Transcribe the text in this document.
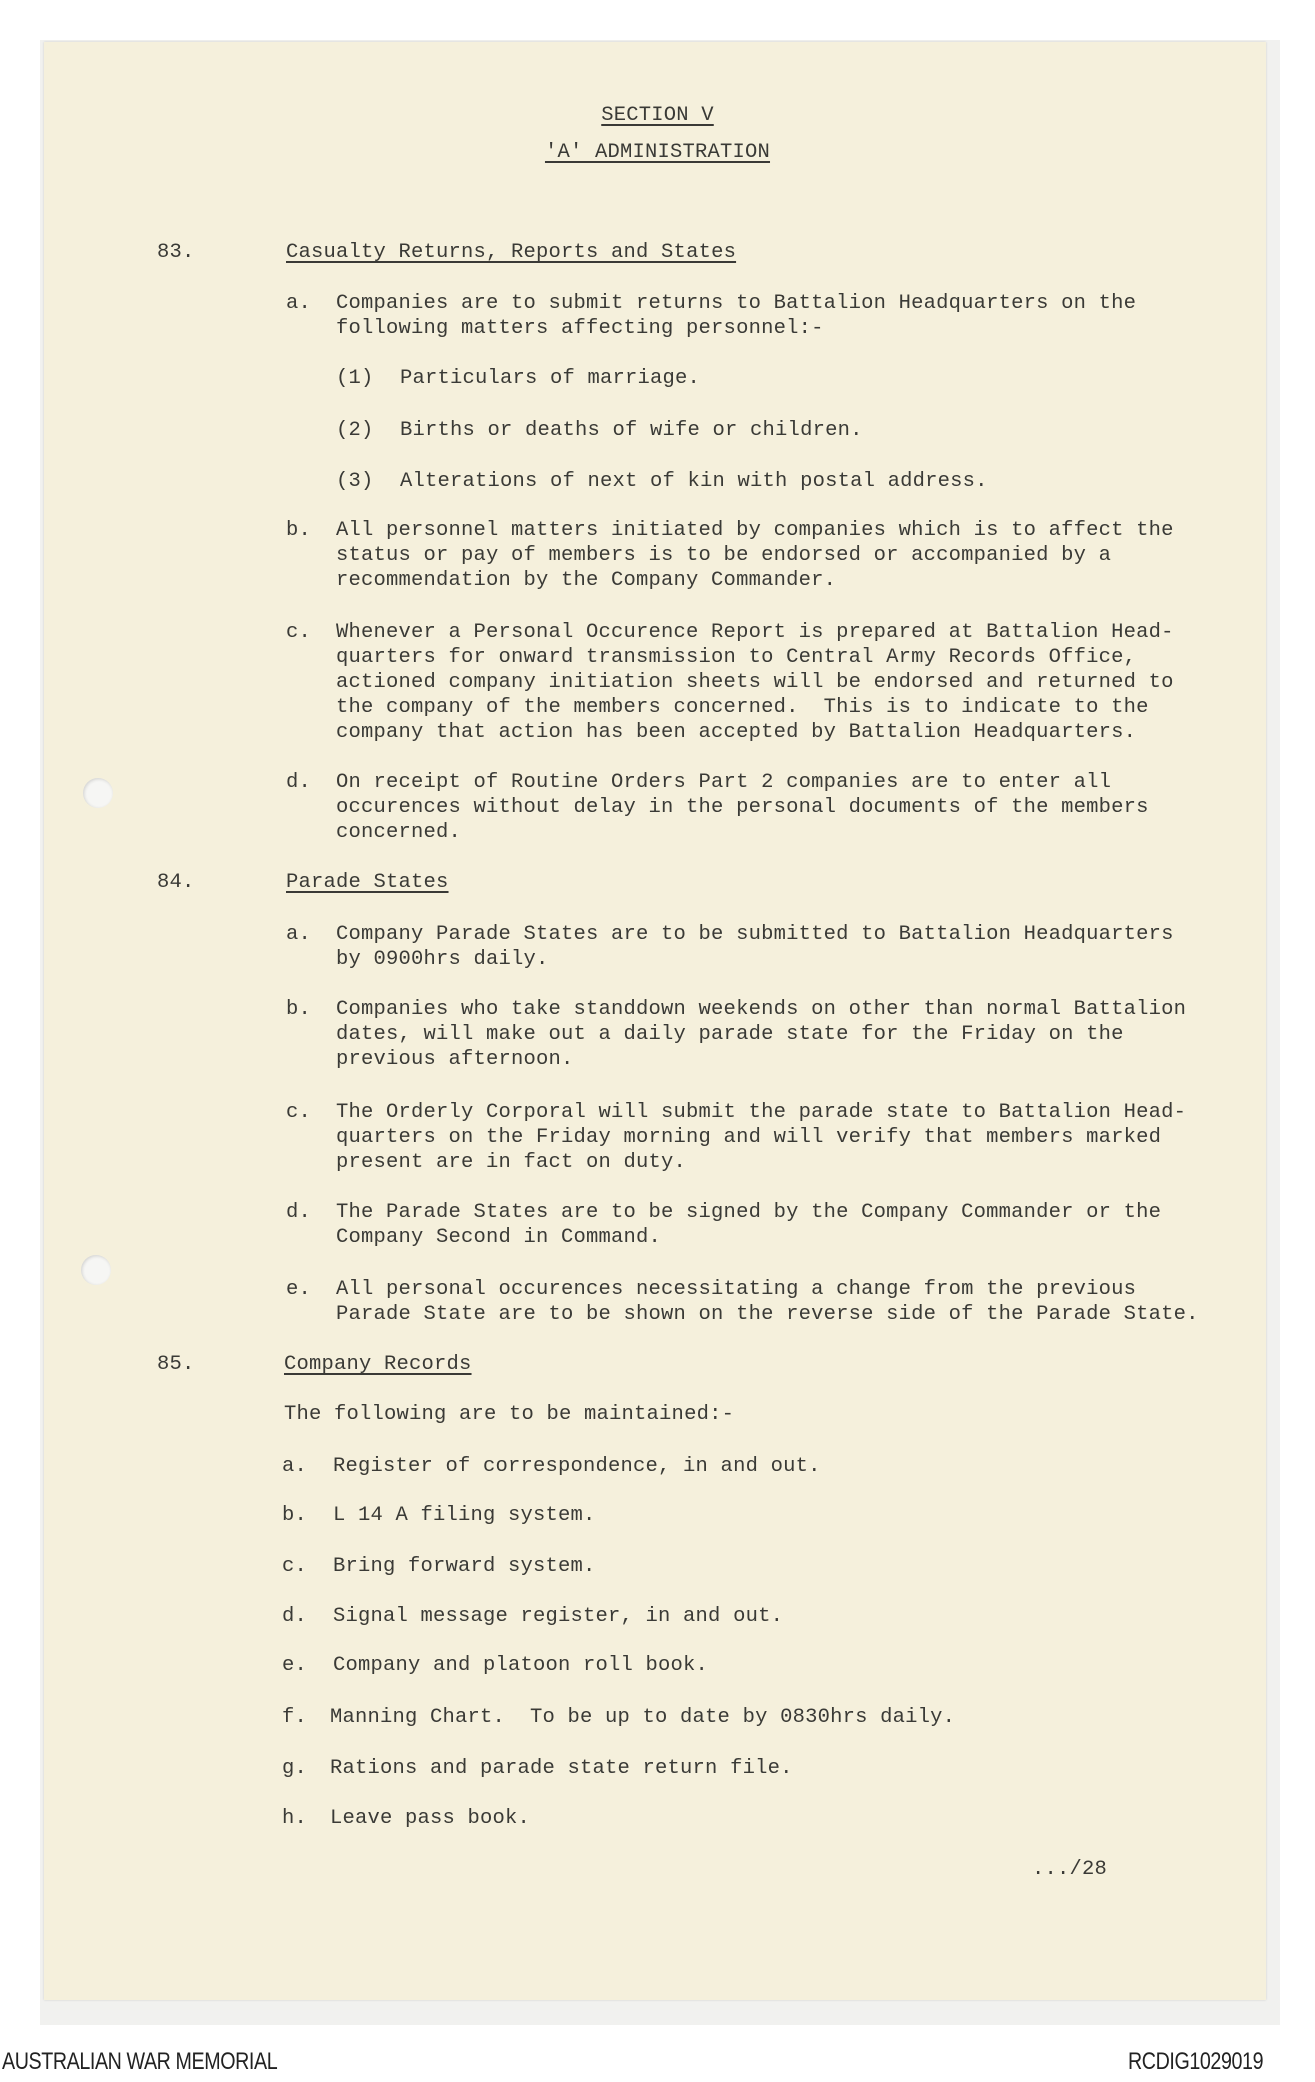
SECTION V
'A' ADMINISTRATION
83.	Casualty Returns, Reports and States
a. Companies are to submit returns to Battalion Headquarters on the
following matters affecting personnel:-
(1) Particulars of marriage.
(2) Births or deaths of wife or children.
(3) Alterations of next of kin with postal address.
b. All personnel matters initiated by companies which is to affect the
status or pay of members is to be endorsed or accompanied by a
recommendation by the Company Commander.
c. Whenever a Personal Occurence Report is prepared at Battalion Head-
quarters for onward transmission to Central Army Records Office,
actioned company initiation sheets will be endorsed and returned to
the company of the members concerned.  This is to indicate to the
company that action has been accepted by Battalion Headquarters.
d. On receipt of Routine Orders Part 2 companies are to enter all
occurences without delay in the personal documents of the members
concerned.
84.	Parade States
a. Company Parade States are to be submitted to Battalion Headquarters
by 0900hrs daily.
b. Companies who take standdown weekends on other than normal Battalion
dates, will make out a daily parade state for the Friday on the
previous afternoon.
c. The Orderly Corporal will submit the parade state to Battalion Head-
quarters on the Friday morning and will verify that members marked
present are in fact on duty.
d. The Parade States are to be signed by the Company Commander or the
Company Second in Command.
e. All personal occurences necessitating a change from the previous
Parade State are to be shown on the reverse side of the Parade State.
85.	Company Records
The following are to be maintained:-
a. Register of correspondence, in and out.
b. L 14 A filing system.
c. Bring forward system.
d. Signal message register, in and out.
e. Company and platoon roll book.
f. Manning Chart.  To be up to date by 0830hrs daily.
g. Rations and parade state return file.
h. Leave pass book.
.../28
AUSTRALIAN WAR MEMORIAL	RCDIG1029019
